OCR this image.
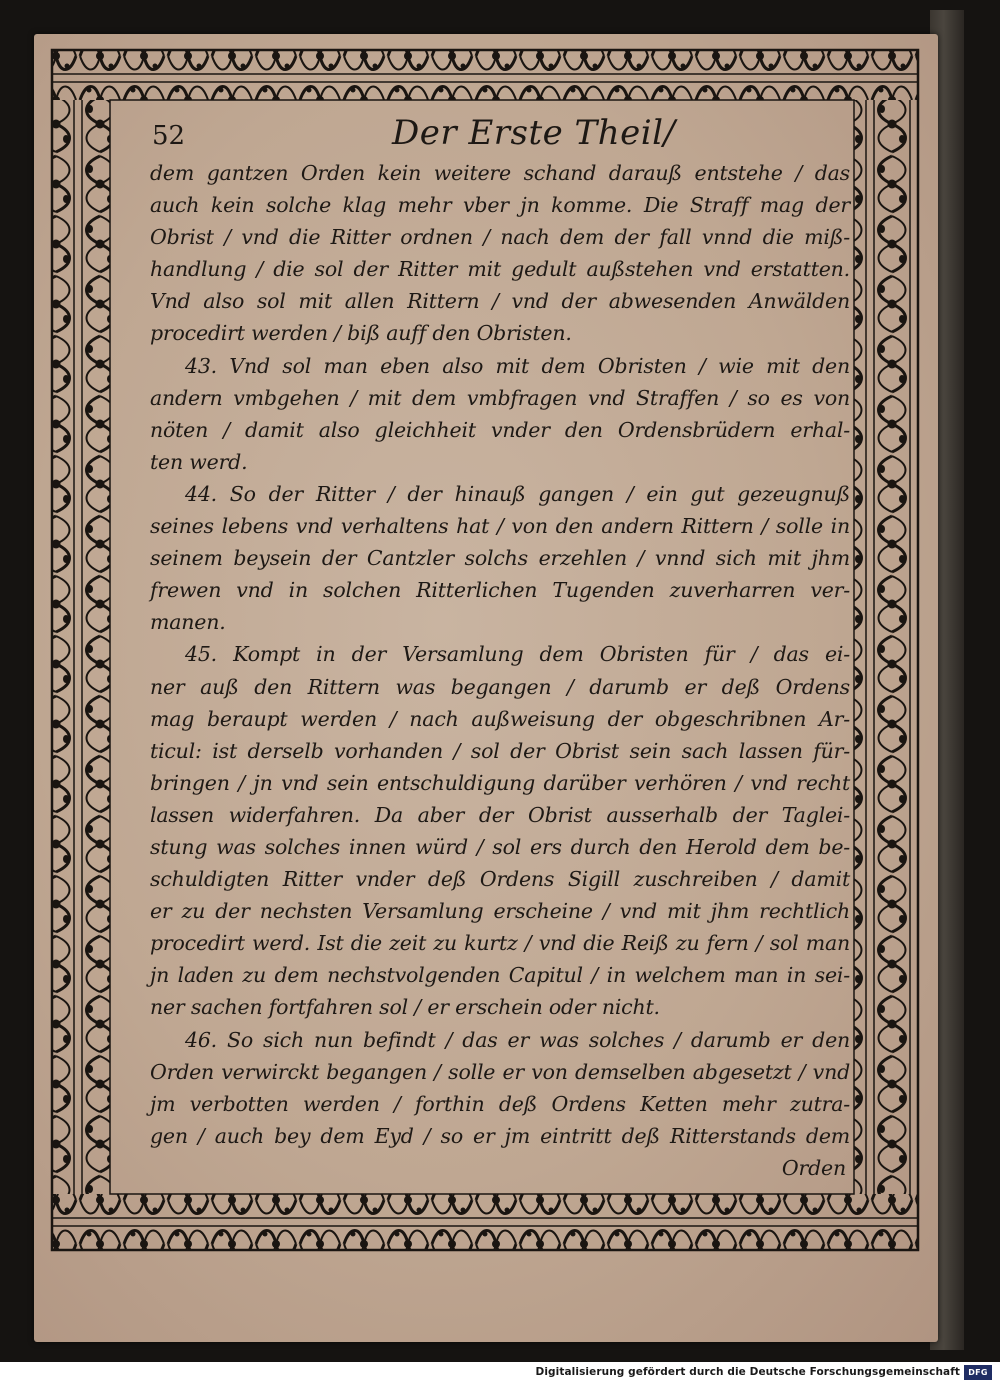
52	Der Erste Theil/
dem gantzen Orden kein weitere schand darauß entstehe / das
auch kein solche klag mehr vber jn komme. Die Straff mag der
Obrist / vnd die Ritter ordnen / nach dem der fall vnnd die miß-
handlung / die sol der Ritter mit gedult außstehen vnd erstatten.
Vnd also sol mit allen Rittern / vnd der abwesenden Anwälden
procedirt werden / biß auff den Obristen.
43. Vnd sol man eben also mit dem Obristen / wie mit den
andern vmbgehen / mit dem vmbfragen vnd Straffen / so es von
nöten / damit also gleichheit vnder den Ordensbrüdern erhal-
ten werd.
44. So der Ritter / der hinauß gangen / ein gut gezeugnuß
seines lebens vnd verhaltens hat / von den andern Rittern / solle in
seinem beysein der Cantzler solchs erzehlen / vnnd sich mit jhm
frewen vnd in solchen Ritterlichen Tugenden zuverharren ver-
manen.
45. Kompt in der Versamlung dem Obristen für / das ei-
ner auß den Rittern was begangen / darumb er deß Ordens
mag beraupt werden / nach außweisung der obgeschribnen Ar-
ticul: ist derselb vorhanden / sol der Obrist sein sach lassen für-
bringen / jn vnd sein entschuldigung darüber verhören / vnd recht
lassen widerfahren. Da aber der Obrist ausserhalb der Taglei-
stung was solches innen würd / sol ers durch den Herold dem be-
schuldigten Ritter vnder deß Ordens Sigill zuschreiben / damit
er zu der nechsten Versamlung erscheine / vnd mit jhm rechtlich
procedirt werd. Ist die zeit zu kurtz / vnd die Reiß zu fern / sol man
jn laden zu dem nechstvolgenden Capitul / in welchem man in sei-
ner sachen fortfahren sol / er erschein oder nicht.
46. So sich nun befindt / das er was solches / darumb er den
Orden verwirckt begangen / solle er von demselben abgesetzt / vnd
jm verbotten werden / forthin deß Ordens Ketten mehr zutra-
gen / auch bey dem Eyd / so er jm eintritt deß Ritterstands dem
Orden
Digitalisierung gefördert durch die Deutsche Forschungsgemeinschaft	DFG
